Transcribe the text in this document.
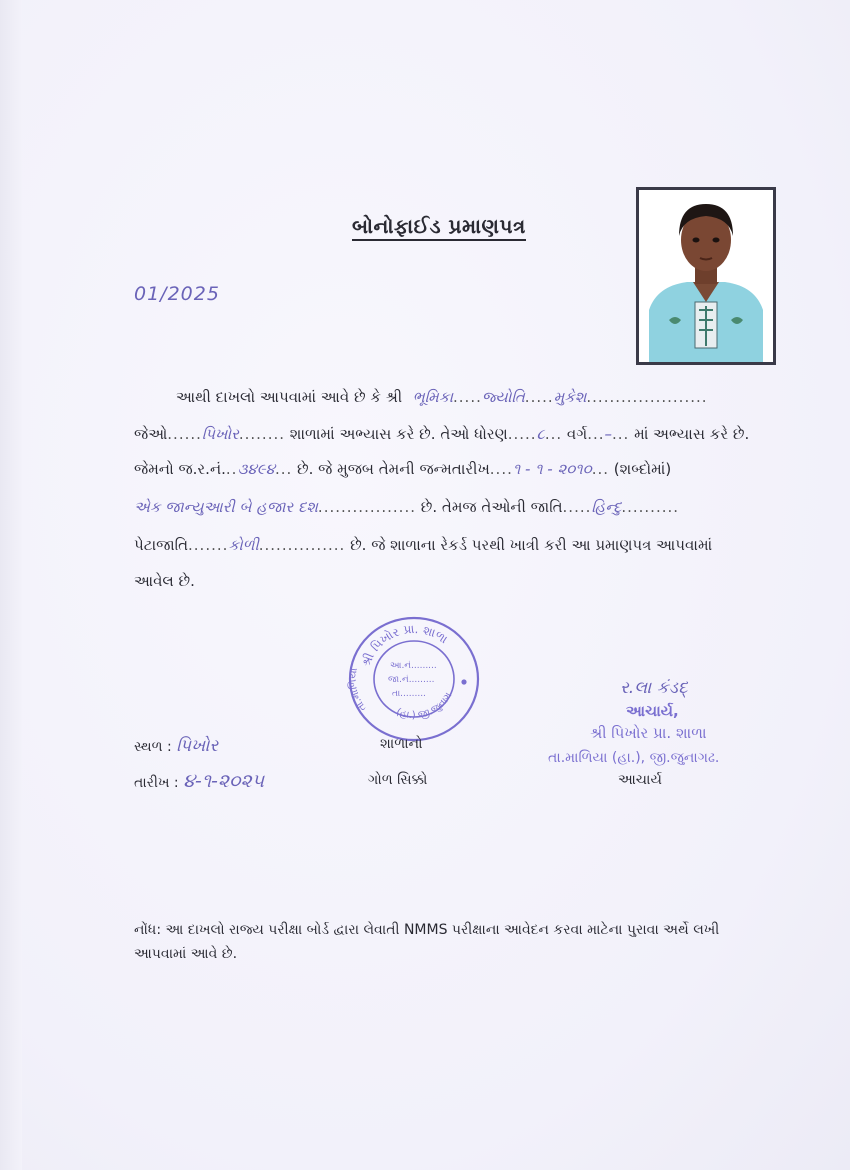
બોનોફાઈડ પ્રમાણપત્ર
01/2025
આથી દાખલો આપવામાં આવે છે કે શ્રી ભૂમિકા.....જ્યોતિ.....મુકેશ.....................
જેઓ......પિખોર........ શાળામાં અભ્યાસ કરે છે. તેઓ ધોરણ.....૮... વર્ગ...–... માં અભ્યાસ કરે છે.
જેમનો જ.ર.નં...૩૪૯૪... છે. જે મુજબ તેમની જન્મતારીખ....૧ - ૧ - ૨૦૧૦... (શબ્દોમાં)
એક જાન્યુઆરી બે હજાર દશ................. છે. તેમજ તેઓની જાતિ.....હિન્દુ..........
પેટાજાતિ.......કોળી............... છે. જે શાળાના રેકર્ડ પરથી ખાત્રી કરી આ પ્રમાણપત્ર આપવામાં
આવેલ છે.
શ્રી પિખોર પ્રા. શાળા
(હા.) જી.જુનાગ
તા.માળિયા
આ.નં.........
જા.નં.........
તા.........
સ્થળ : પિખોર
તારીખ : ૪-૧-૨૦૨૫
શાળાનો
ગોળ સિક્કો
ર.લા કંડદ્
આચાર્ય,
શ્રી પિખોર પ્રા. શાળા
તા.માળિયા (હા.), જી.જુનાગઢ.
આચાર્ય
નોંધ: આ દાખલો રાજ્ય પરીક્ષા બોર્ડ દ્વારા લેવાતી NMMS પરીક્ષાના આવેદન કરવા માટેના પુરાવા અર્થે લખી આપવામાં આવે છે.
